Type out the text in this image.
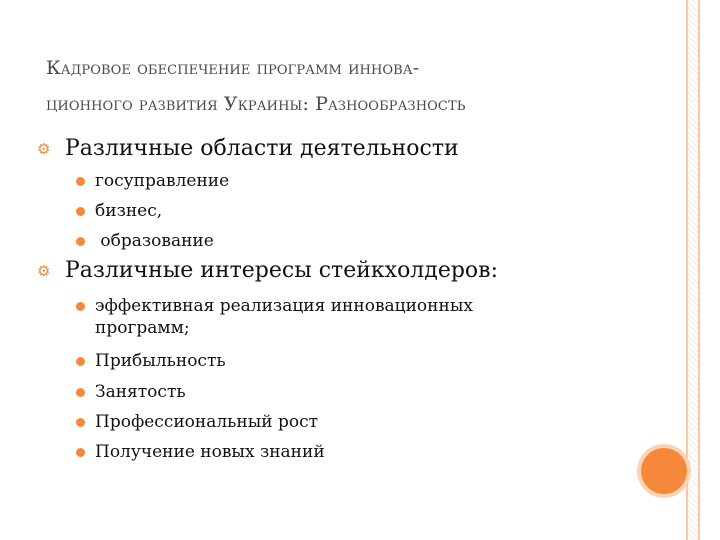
Кадровое обеспечение программ иннова-
ционного развития Украины: Разнообразность
⚙ Различные области деятельности
госуправление
бизнес,
образование
⚙ Различные интересы стейкхолдеров:
эффективная реализация инновационных программ;
Прибыльность
Занятость
Профессиональный рост
Получение новых знаний
